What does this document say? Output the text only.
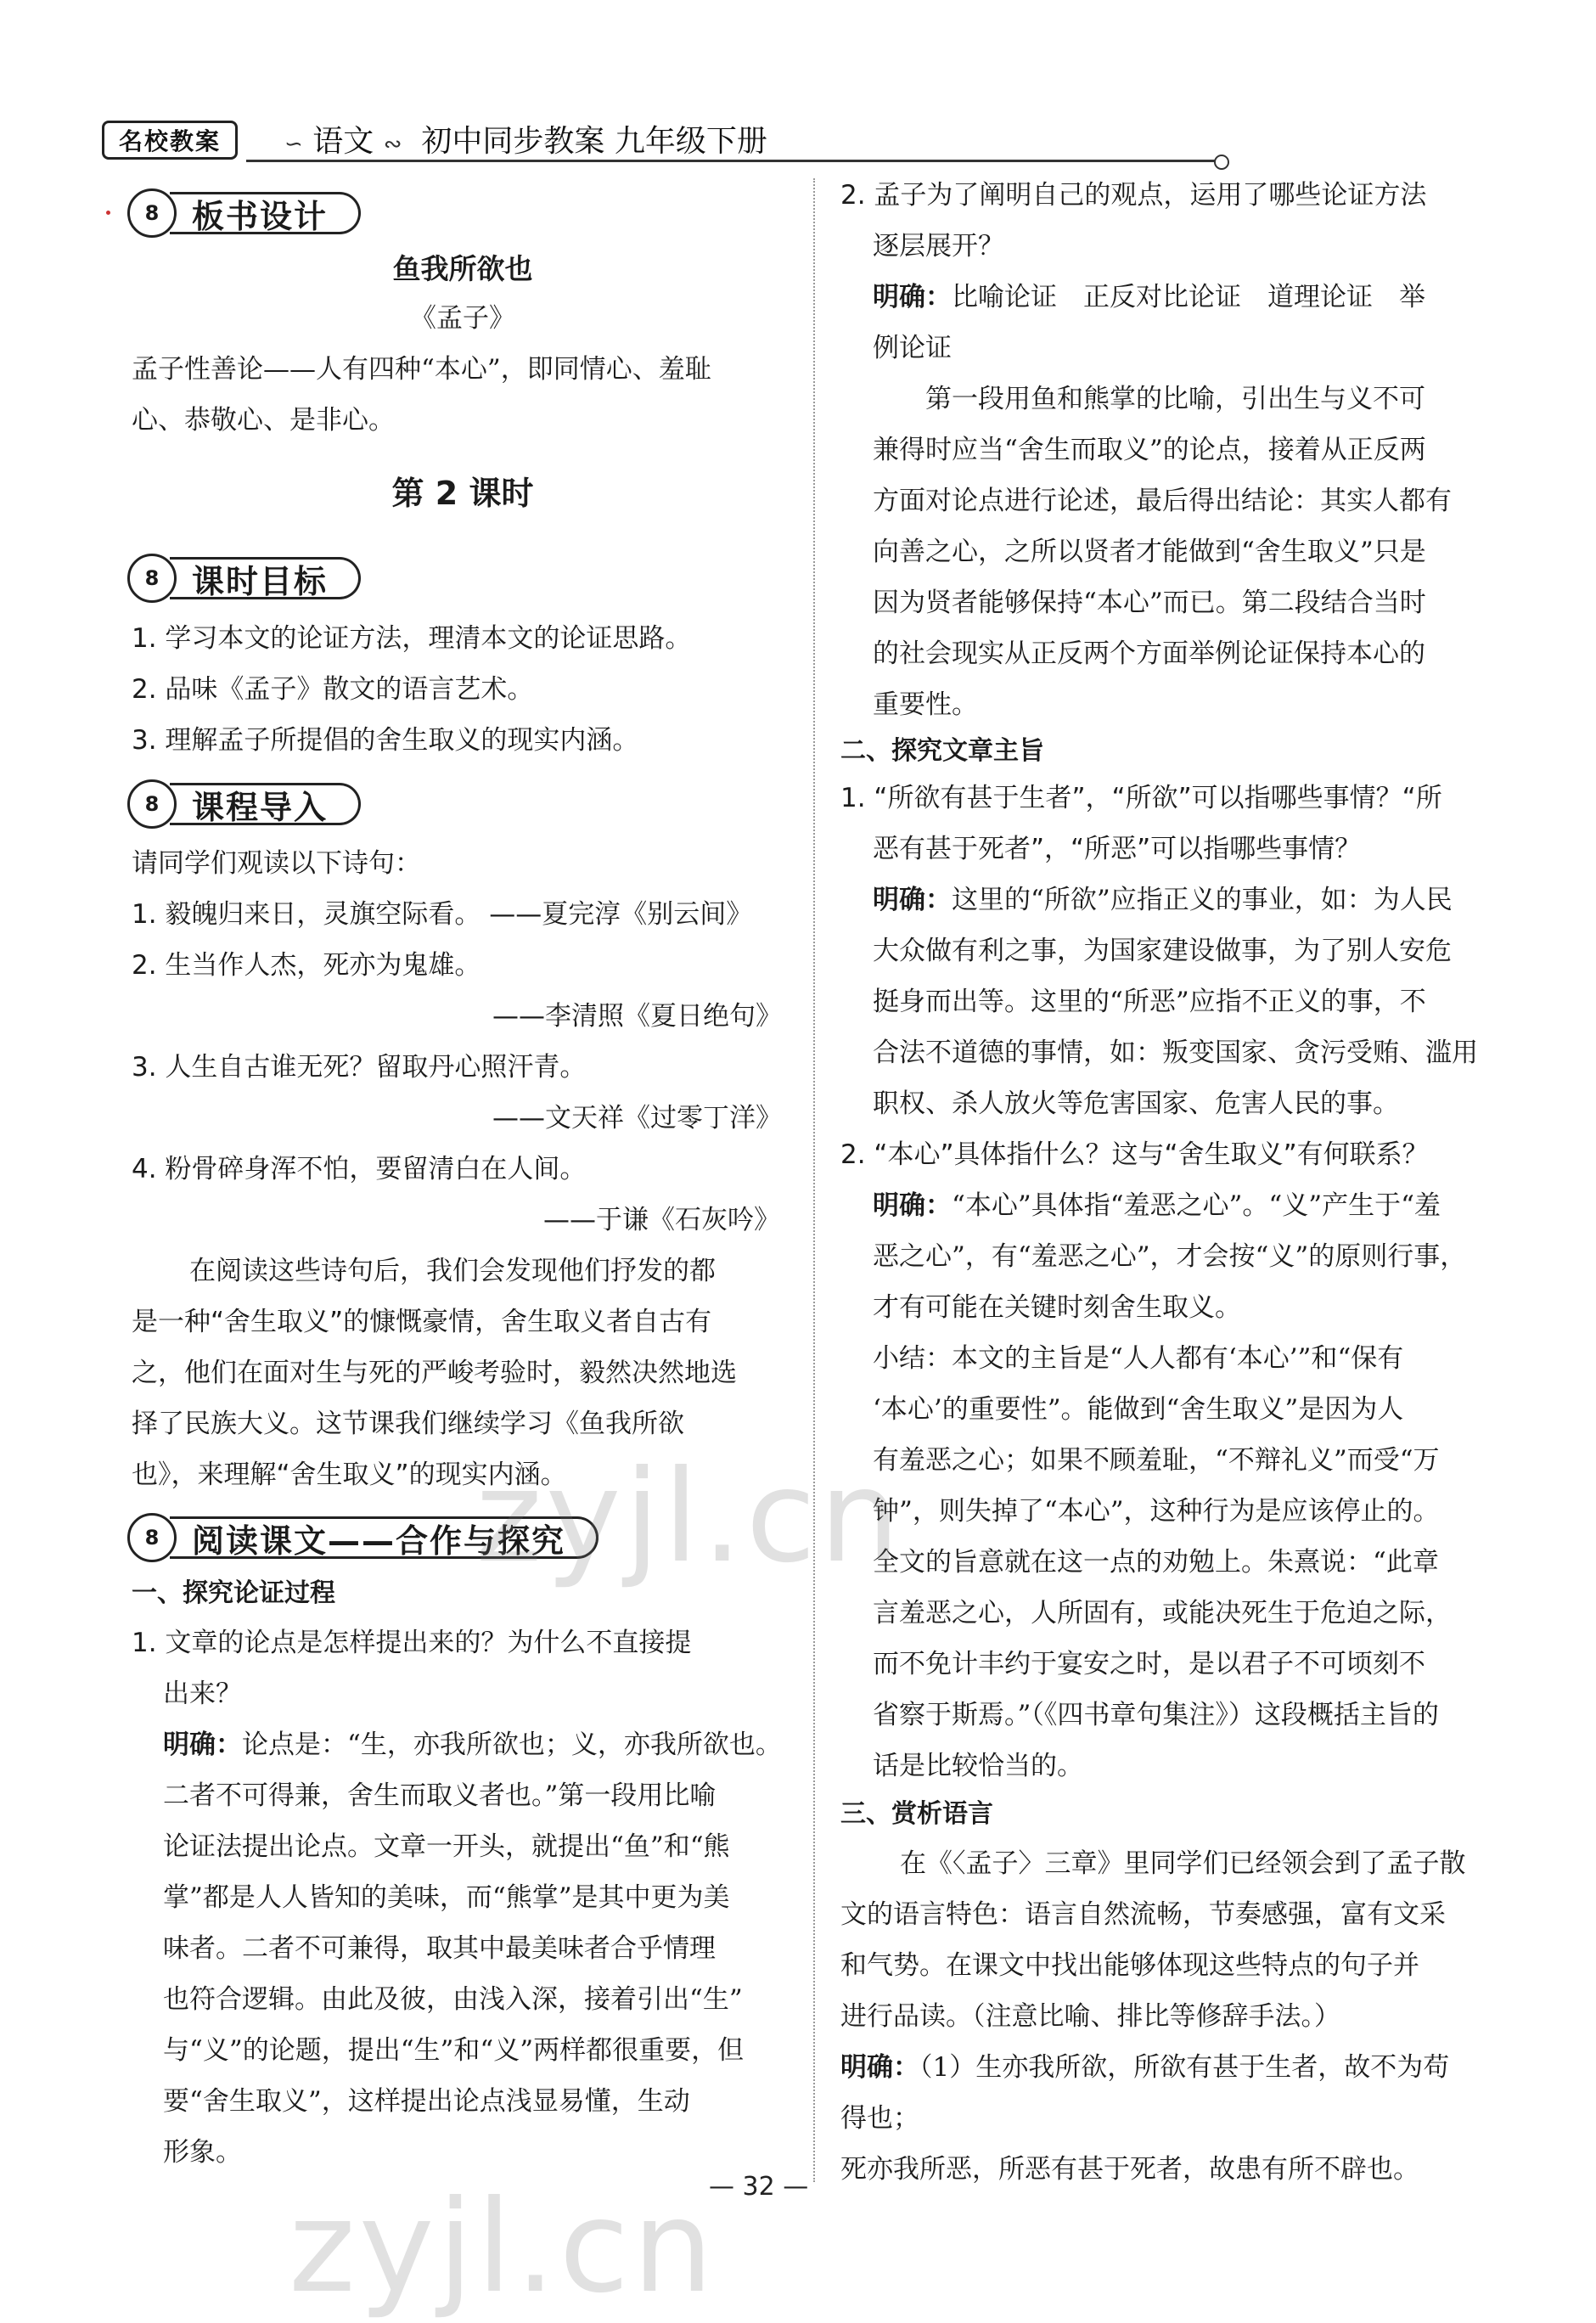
名校教案	∽ 语文 ∾ 初中同步教案 九年级下册
8	板书设计
鱼我所欲也
《孟子》
孟子性善论——人有四种“本心”，即同情心、羞耻
心、恭敬心、是非心。
第 2 课时
8	课时目标
1. 学习本文的论证方法，理清本文的论证思路。
2. 品味《孟子》散文的语言艺术。
3. 理解孟子所提倡的舍生取义的现实内涵。
8	课程导入
请同学们观读以下诗句：
1. 毅魄归来日，灵旗空际看。 ——夏完淳《别云间》
2. 生当作人杰，死亦为鬼雄。
——李清照《夏日绝句》
3. 人生自古谁无死？留取丹心照汗青。
——文天祥《过零丁洋》
4. 粉骨碎身浑不怕，要留清白在人间。
——于谦《石灰吟》
在阅读这些诗句后，我们会发现他们抒发的都
是一种“舍生取义”的慷慨豪情，舍生取义者自古有
之，他们在面对生与死的严峻考验时，毅然决然地选
择了民族大义。这节课我们继续学习《鱼我所欲
也》，来理解“舍生取义”的现实内涵。
8	阅读课文——合作与探究
一、探究论证过程
1. 文章的论点是怎样提出来的？为什么不直接提
出来？
明确：论点是：“生，亦我所欲也；义，亦我所欲也。
二者不可得兼，舍生而取义者也。”第一段用比喻
论证法提出论点。文章一开头，就提出“鱼”和“熊
掌”都是人人皆知的美味，而“熊掌”是其中更为美
味者。二者不可兼得，取其中最美味者合乎情理
也符合逻辑。由此及彼，由浅入深，接着引出“生”
与“义”的论题，提出“生”和“义”两样都很重要，但
要“舍生取义”，这样提出论点浅显易懂，生动
形象。
2. 孟子为了阐明自己的观点，运用了哪些论证方法
逐层展开？
明确：比喻论证　正反对比论证　道理论证　举
例论证
第一段用鱼和熊掌的比喻，引出生与义不可
兼得时应当“舍生而取义”的论点，接着从正反两
方面对论点进行论述，最后得出结论：其实人都有
向善之心，之所以贤者才能做到“舍生取义”只是
因为贤者能够保持“本心”而已。第二段结合当时
的社会现实从正反两个方面举例论证保持本心的
重要性。
二、探究文章主旨
1. “所欲有甚于生者”，“所欲”可以指哪些事情？“所
恶有甚于死者”，“所恶”可以指哪些事情？
明确：这里的“所欲”应指正义的事业，如：为人民
大众做有利之事，为国家建设做事，为了别人安危
挺身而出等。这里的“所恶”应指不正义的事，不
合法不道德的事情，如：叛变国家、贪污受贿、滥用
职权、杀人放火等危害国家、危害人民的事。
2. “本心”具体指什么？这与“舍生取义”有何联系？
明确：“本心”具体指“羞恶之心”。“义”产生于“羞
恶之心”，有“羞恶之心”，才会按“义”的原则行事，
才有可能在关键时刻舍生取义。
小结：本文的主旨是“人人都有‘本心’”和“保有
‘本心’的重要性”。能做到“舍生取义”是因为人
有羞恶之心；如果不顾羞耻，“不辩礼义”而受“万
钟”，则失掉了“本心”，这种行为是应该停止的。
全文的旨意就在这一点的劝勉上。朱熹说：“此章
言羞恶之心，人所固有，或能决死生于危迫之际，
而不免计丰约于宴安之时，是以君子不可顷刻不
省察于斯焉。”（《四书章句集注》）这段概括主旨的
话是比较恰当的。
三、赏析语言
在《〈孟子〉三章》里同学们已经领会到了孟子散
文的语言特色：语言自然流畅，节奏感强，富有文采
和气势。在课文中找出能够体现这些特点的句子并
进行品读。（注意比喻、排比等修辞手法。）
明确：（1）生亦我所欲，所欲有甚于生者，故不为苟
得也；
死亦我所恶，所恶有甚于死者，故患有所不辟也。
— 32 —
zyjl.cn
zyjl.cn
